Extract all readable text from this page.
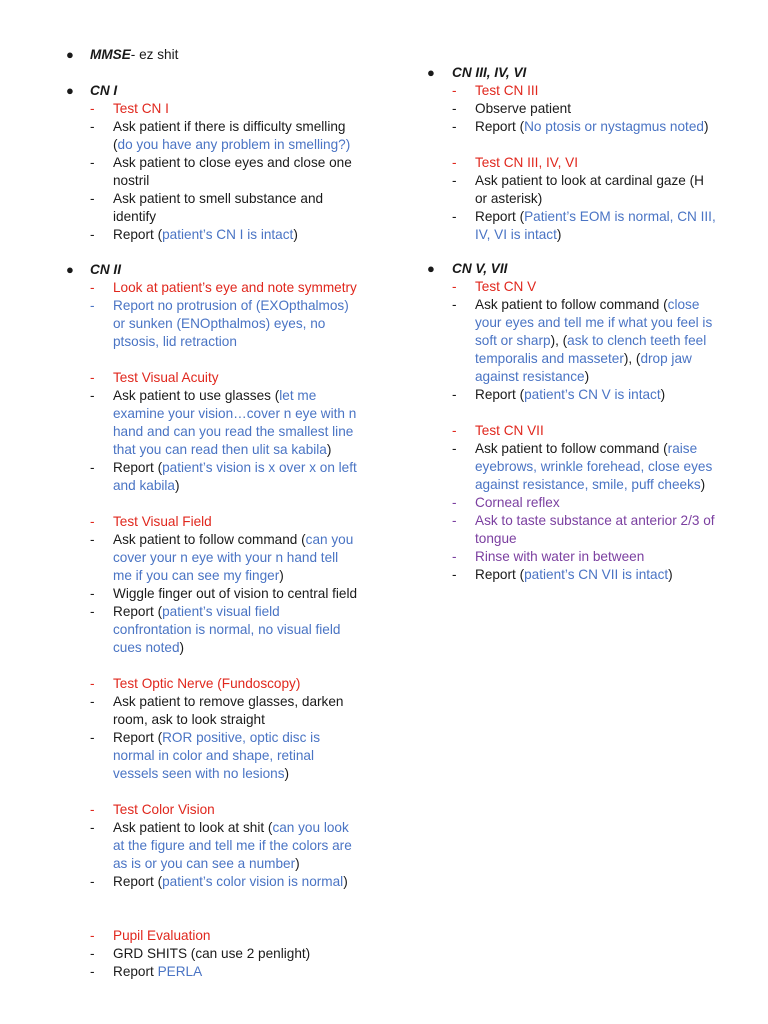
● MMSE- ez shit
● CN I
- Test CN I
- Ask patient if there is difficulty smelling
(do you have any problem in smelling?)
- Ask patient to close eyes and close one
nostril
- Ask patient to smell substance and
identify
- Report (patient’s CN I is intact)
● CN II
- Look at patient’s eye and note symmetry
- Report no protrusion of (EXOpthalmos)
or sunken (ENOpthalmos) eyes, no
ptsosis, lid retraction
- Test Visual Acuity
- Ask patient to use glasses (let me
examine your vision…cover n eye with n
hand and can you read the smallest line
that you can read then ulit sa kabila)
- Report (patient’s vision is x over x on left
and kabila)
- Test Visual Field
- Ask patient to follow command (can you
cover your n eye with your n hand tell
me if you can see my finger)
- Wiggle finger out of vision to central field
- Report (patient’s visual field
confrontation is normal, no visual field
cues noted)
- Test Optic Nerve (Fundoscopy)
- Ask patient to remove glasses, darken
room, ask to look straight
- Report (ROR positive, optic disc is
normal in color and shape, retinal
vessels seen with no lesions)
- Test Color Vision
- Ask patient to look at shit (can you look
at the figure and tell me if the colors are
as is or you can see a number)
- Report (patient’s color vision is normal)
- Pupil Evaluation
- GRD SHITS (can use 2 penlight)
- Report PERLA
● CN III, IV, VI
- Test CN III
- Observe patient
- Report (No ptosis or nystagmus noted)
- Test CN III, IV, VI
- Ask patient to look at cardinal gaze (H
or asterisk)
- Report (Patient’s EOM is normal, CN III,
IV, VI is intact)
● CN V, VII
- Test CN V
- Ask patient to follow command (close
your eyes and tell me if what you feel is
soft or sharp), (ask to clench teeth feel
temporalis and masseter), (drop jaw
against resistance)
- Report (patient’s CN V is intact)
- Test CN VII
- Ask patient to follow command (raise
eyebrows, wrinkle forehead, close eyes
against resistance, smile, puff cheeks)
- Corneal reflex
- Ask to taste substance at anterior 2/3 of
tongue
- Rinse with water in between
- Report (patient’s CN VII is intact)
